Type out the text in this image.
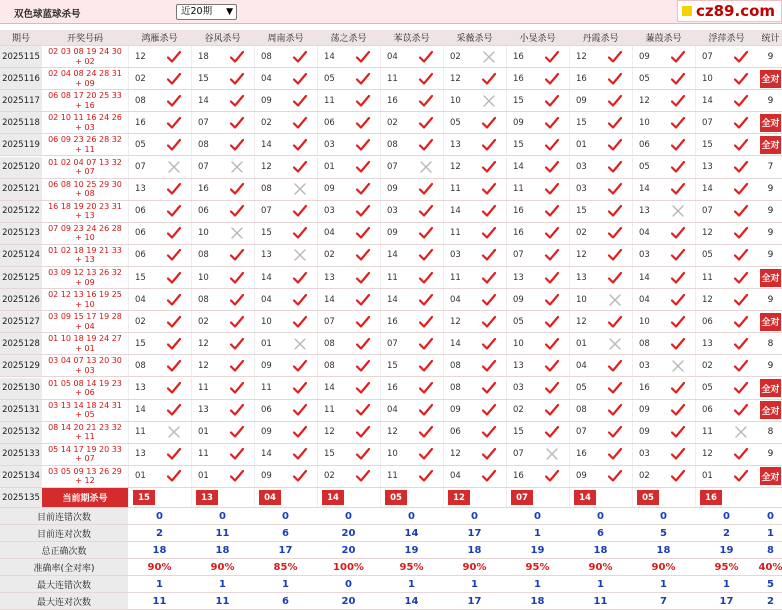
双色球蓝球杀号	近20期 ▼	cz89.com
期号	开奖号码	鸿雁杀号	谷风杀号	周南杀号	荡之杀号	苯苡杀号	采薇杀号	小旻杀号	丹霞杀号	蒹葭杀号	浮萍杀号	统计
2025115 02 03 08 19 24 30 + 02	12	18	08	14	04	02	16	12	09	07	9
2025116 02 04 08 24 28 31 + 09	02	15	04	05	11	12	16	16	05	10	全对
2025117 06 08 17 20 25 33 + 16	08	14	09	11	16	10	15	09	12	14	9
2025118 02 10 11 16 24 26 + 03	16	07	02	06	02	05	09	15	10	07	全对
2025119 06 09 23 26 28 32 + 11	05	08	14	03	08	13	15	01	06	15	全对
2025120 01 02 04 07 13 32 + 07	07	07	12	01	07	12	14	03	05	13	7
2025121 06 08 10 25 29 30 + 08	13	16	08	09	09	11	11	03	14	14	9
2025122 16 18 19 20 23 31 + 13	06	06	07	03	03	14	16	15	13	07	9
2025123 07 09 23 24 26 28 + 10	06	10	15	04	09	11	16	02	04	12	9
2025124 01 02 18 19 21 33 + 13	06	08	13	02	14	03	07	12	03	05	9
2025125 03 09 12 13 26 32 + 09	15	10	14	13	11	11	13	13	14	11	全对
2025126 02 12 13 16 19 25 + 10	04	08	04	14	14	04	09	10	04	12	9
2025127 03 09 15 17 19 28 + 04	02	02	10	07	16	12	05	12	10	06	全对
2025128 01 10 18 19 24 27 + 01	15	12	01	08	07	14	10	01	08	13	8
2025129 03 04 07 13 20 30 + 03	08	12	09	08	15	08	13	04	03	02	9
2025130 01 05 08 14 19 23 + 06	13	11	11	14	16	08	03	05	16	05	全对
2025131 03 13 14 18 24 31 + 05	14	13	06	11	04	09	02	08	09	06	全对
2025132 08 14 20 21 23 32 + 11	11	01	09	12	12	06	15	07	09	11	8
2025133 05 14 17 19 20 33 + 07	13	11	14	15	10	12	07	16	03	12	9
2025134 03 05 09 13 26 29 + 12	01	01	09	02	11	04	16	09	02	01	全对
2025135	当前期杀号	15	13	04	14	05	12	07	14	05	16
目前连错次数	0	0	0	0	0	0	0	0	0	0	0
目前连对次数	2	11	6	20	14	17	1	6	5	2	1
总正确次数	18	18	17	20	19	18	19	18	18	19	8
准确率(全对率)	90%	90%	85%	100%	95%	90%	95%	90%	90%	95%	40%
最大连错次数	1	1	1	0	1	1	1	1	1	1	5
最大连对次数	11	11	6	20	14	17	18	11	7	17	2
